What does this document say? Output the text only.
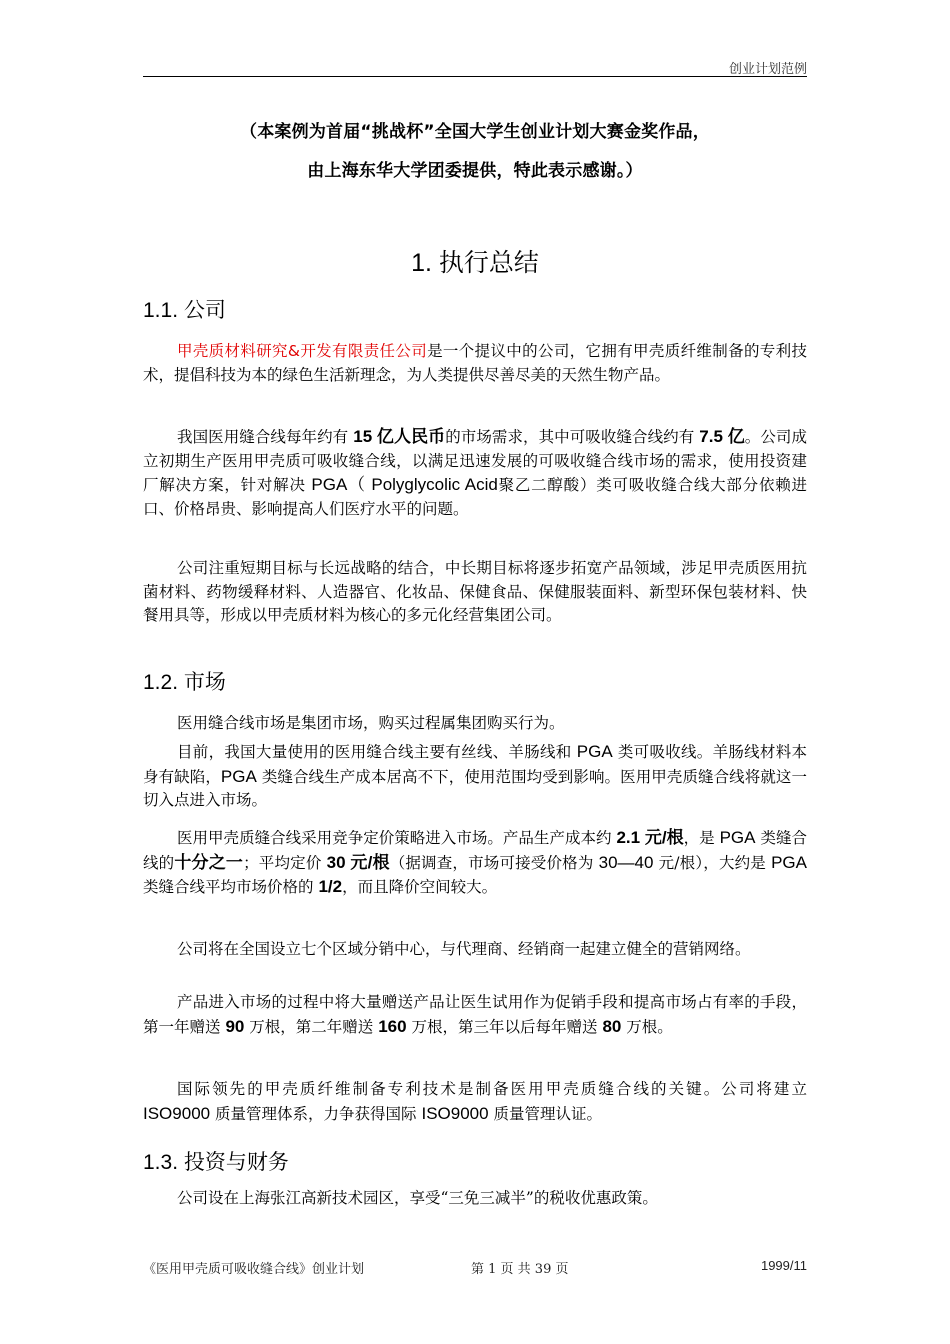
创业计划范例
（本案例为首届“挑战杯”全国大学生创业计划大赛金奖作品，
由上海东华大学团委提供，特此表示感谢。）
1. 执行总结
1.1. 公司
甲壳质材料研究&开发有限责任公司是一个提议中的公司，它拥有甲壳质纤维制备的专利技术，提倡科技为本的绿色生活新理念，为人类提供尽善尽美的天然生物产品。
我国医用缝合线每年约有 15 亿人民币的市场需求，其中可吸收缝合线约有 7.5 亿。公司成立初期生产医用甲壳质可吸收缝合线，以满足迅速发展的可吸收缝合线市场的需求，使用投资建厂解决方案，针对解决 PGA（ Polyglycolic Acid聚乙二醇酸）类可吸收缝合线大部分依赖进口、价格昂贵、影响提高人们医疗水平的问题。
公司注重短期目标与长远战略的结合，中长期目标将逐步拓宽产品领域，涉足甲壳质医用抗菌材料、药物缓释材料、人造器官、化妆品、保健食品、保健服装面料、新型环保包装材料、快餐用具等，形成以甲壳质材料为核心的多元化经营集团公司。
1.2. 市场
医用缝合线市场是集团市场，购买过程属集团购买行为。
目前，我国大量使用的医用缝合线主要有丝线、羊肠线和 PGA 类可吸收线。羊肠线材料本身有缺陷，PGA 类缝合线生产成本居高不下，使用范围均受到影响。医用甲壳质缝合线将就这一切入点进入市场。
医用甲壳质缝合线采用竞争定价策略进入市场。产品生产成本约 2.1 元/根，是 PGA 类缝合线的十分之一；平均定价 30 元/根（据调查，市场可接受价格为 30—40 元/根），大约是 PGA 类缝合线平均市场价格的 1/2，而且降价空间较大。
公司将在全国设立七个区域分销中心，与代理商、经销商一起建立健全的营销网络。
产品进入市场的过程中将大量赠送产品让医生试用作为促销手段和提高市场占有率的手段，第一年赠送 90 万根，第二年赠送 160 万根，第三年以后每年赠送 80 万根。
国际领先的甲壳质纤维制备专利技术是制备医用甲壳质缝合线的关键。公司将建立 ISO9000 质量管理体系，力争获得国际 ISO9000 质量管理认证。
1.3. 投资与财务
公司设在上海张江高新技术园区，享受“三免三减半”的税收优惠政策。
《医用甲壳质可吸收缝合线》创业计划	第 1 页 共 39 页	1999/11
